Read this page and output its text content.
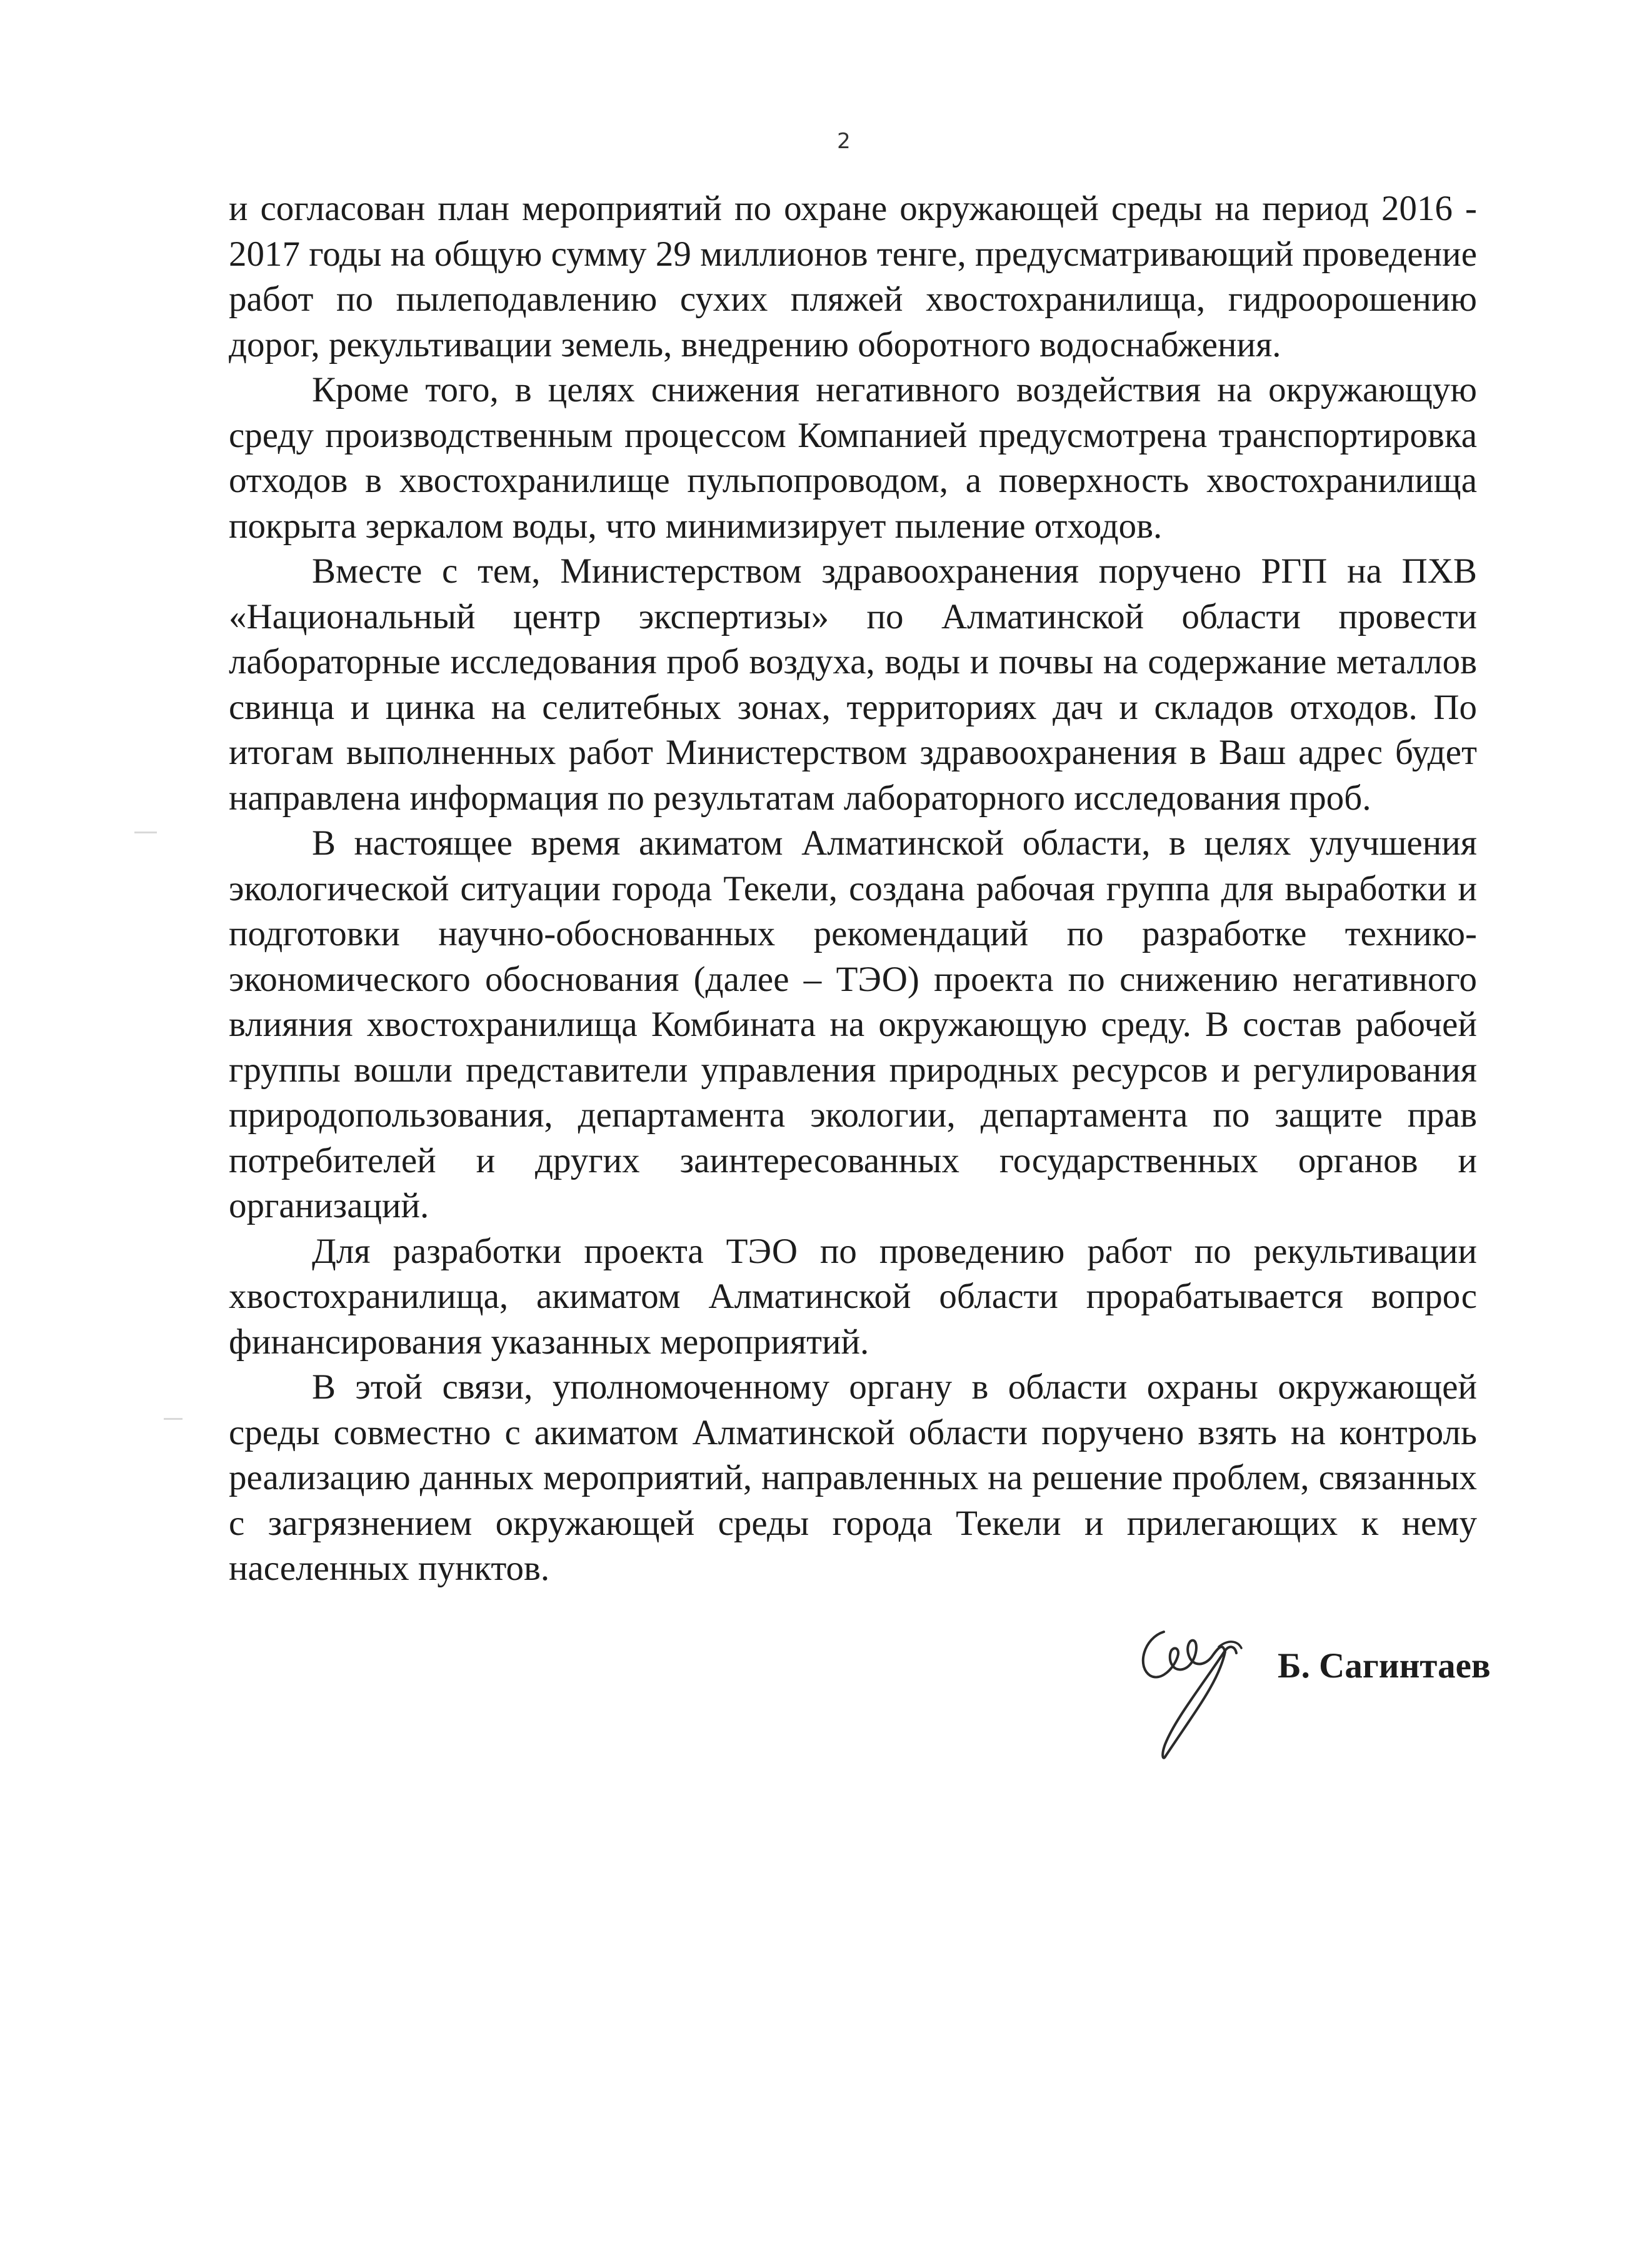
2

и согласован план мероприятий по охране окружающей среды на период 2016 - 2017 годы на общую сумму 29 миллионов тенге, предусматривающий проведение работ по пылеподавлению сухих пляжей хвостохранилища, гидроорошению дорог, рекультивации земель, внедрению оборотного водоснабжения.

Кроме того, в целях снижения негативного воздействия на окружающую среду производственным процессом Компанией предусмотрена транспортировка отходов в хвостохранилище пульпопроводом, а поверхность хвостохранилища покрыта зеркалом воды, что минимизирует пыление отходов.

Вместе с тем, Министерством здравоохранения поручено РГП на ПХВ «Национальный центр экспертизы» по Алматинской области провести лабораторные исследования проб воздуха, воды и почвы на содержание металлов свинца и цинка на селитебных зонах, территориях дач и складов отходов. По итогам выполненных работ Министерством здравоохранения в Ваш адрес будет направлена информация по результатам лабораторного исследования проб.

В настоящее время акиматом Алматинской области, в целях улучшения экологической ситуации города Текели, создана рабочая группа для выработки и подготовки научно-обоснованных рекомендаций по разработке технико-экономического обоснования (далее – ТЭО) проекта по снижению негативного влияния хвостохранилища Комбината на окружающую среду. В состав рабочей группы вошли представители управления природных ресурсов и регулирования природопользования, департамента экологии, департамента по защите прав потребителей и других заинтересованных государственных органов и организаций.

Для разработки проекта ТЭО по проведению работ по рекультивации хвостохранилища, акиматом Алматинской области прорабатывается вопрос финансирования указанных мероприятий.

В этой связи, уполномоченному органу в области охраны окружающей среды совместно с акиматом Алматинской области поручено взять на контроль реализацию данных мероприятий, направленных на решение проблем, связанных с загрязнением окружающей среды города Текели и прилегающих к нему населенных пунктов.

Б. Сагинтаев
